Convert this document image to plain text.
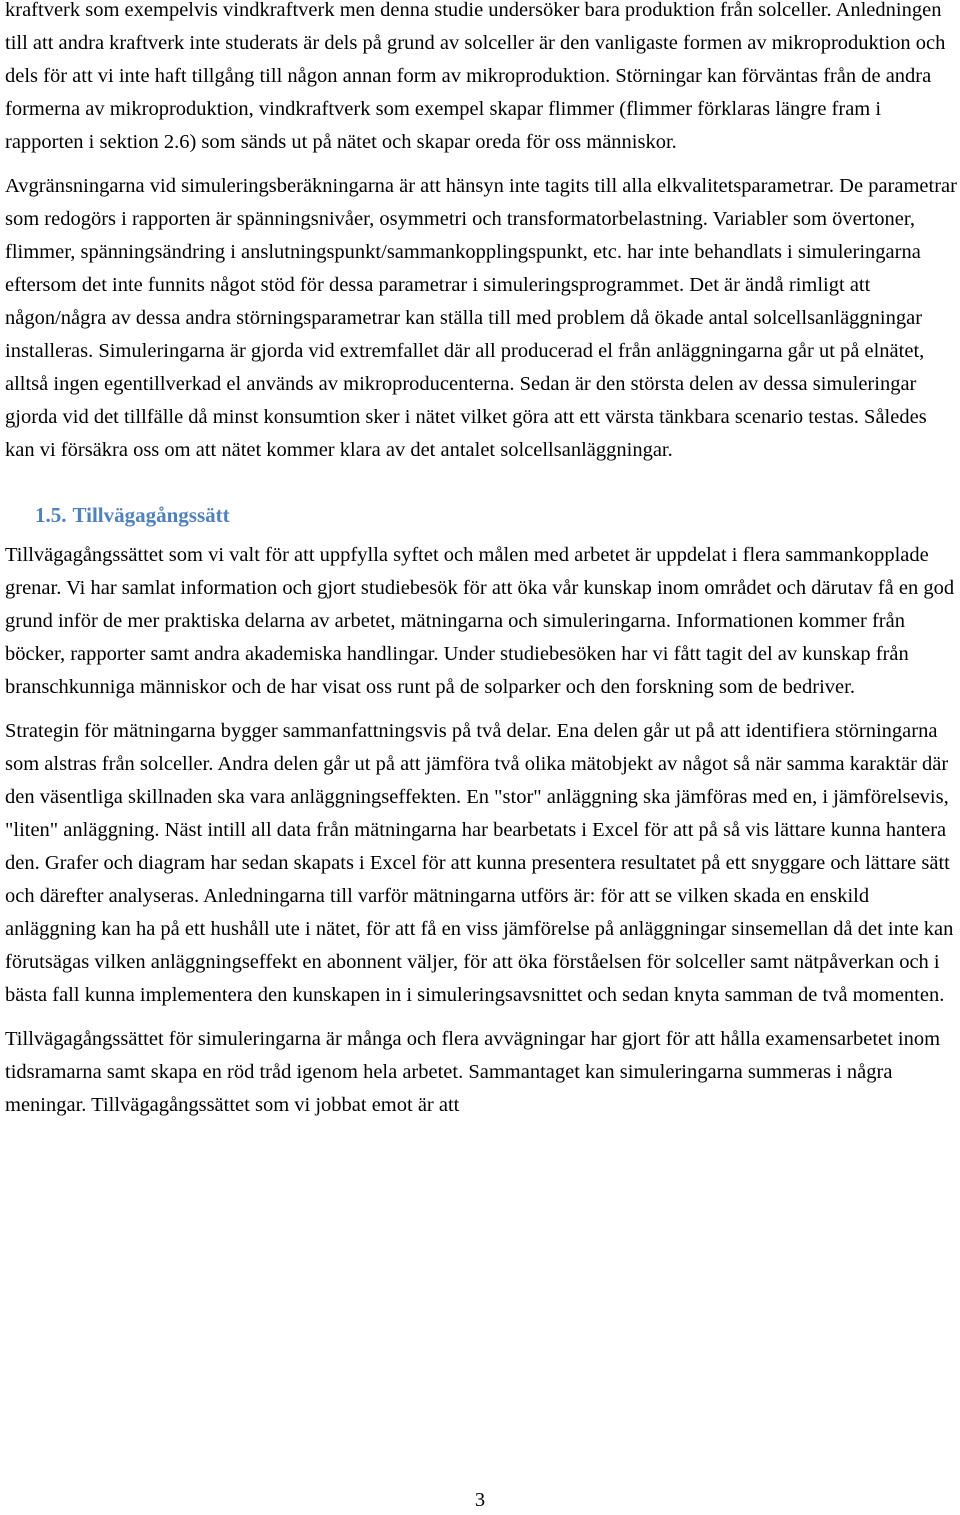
kraftverk som exempelvis vindkraftverk men denna studie undersöker bara produktion från solceller. Anledningen till att andra kraftverk inte studerats är dels på grund av solceller är den vanligaste formen av mikroproduktion och dels för att vi inte haft tillgång till någon annan form av mikroproduktion. Störningar kan förväntas från de andra formerna av mikroproduktion, vindkraftverk som exempel skapar flimmer (flimmer förklaras längre fram i rapporten i sektion 2.6) som sänds ut på nätet och skapar oreda för oss människor.

Avgränsningarna vid simuleringsberäkningarna är att hänsyn inte tagits till alla elkvalitetsparametrar. De parametrar som redogörs i rapporten är spänningsnivåer, osymmetri och transformatorbelastning. Variabler som övertoner, flimmer, spänningsändring i anslutningspunkt/sammankopplingspunkt, etc. har inte behandlats i simuleringarna eftersom det inte funnits något stöd för dessa parametrar i simuleringsprogrammet. Det är ändå rimligt att någon/några av dessa andra störningsparametrar kan ställa till med problem då ökade antal solcellsanläggningar installeras. Simuleringarna är gjorda vid extremfallet där all producerad el från anläggningarna går ut på elnätet, alltså ingen egentillverkad el används av mikroproducenterna. Sedan är den största delen av dessa simuleringar gjorda vid det tillfälle då minst konsumtion sker i nätet vilket göra att ett värsta tänkbara scenario testas. Således kan vi försäkra oss om att nätet kommer klara av det antalet solcellsanläggningar.

1.5. Tillvägagångssätt

Tillvägagångssättet som vi valt för att uppfylla syftet och målen med arbetet är uppdelat i flera sammankopplade grenar. Vi har samlat information och gjort studiebesök för att öka vår kunskap inom området och därutav få en god grund inför de mer praktiska delarna av arbetet, mätningarna och simuleringarna. Informationen kommer från böcker, rapporter samt andra akademiska handlingar. Under studiebesöken har vi fått tagit del av kunskap från branschkunniga människor och de har visat oss runt på de solparker och den forskning som de bedriver.

Strategin för mätningarna bygger sammanfattningsvis på två delar. Ena delen går ut på att identifiera störningarna som alstras från solceller. Andra delen går ut på att jämföra två olika mätobjekt av något så när samma karaktär där den väsentliga skillnaden ska vara anläggningseffekten. En "stor" anläggning ska jämföras med en, i jämförelsevis, "liten" anläggning. Näst intill all data från mätningarna har bearbetats i Excel för att på så vis lättare kunna hantera den. Grafer och diagram har sedan skapats i Excel för att kunna presentera resultatet på ett snyggare och lättare sätt och därefter analyseras. Anledningarna till varför mätningarna utförs är: för att se vilken skada en enskild anläggning kan ha på ett hushåll ute i nätet, för att få en viss jämförelse på anläggningar sinsemellan då det inte kan förutsägas vilken anläggningseffekt en abonnent väljer, för att öka förståelsen för solceller samt nätpåverkan och i bästa fall kunna implementera den kunskapen in i simuleringsavsnittet och sedan knyta samman de två momenten.

Tillvägagångssättet för simuleringarna är många och flera avvägningar har gjort för att hålla examensarbetet inom tidsramarna samt skapa en röd tråd igenom hela arbetet. Sammantaget kan simuleringarna summeras i några meningar. Tillvägagångssättet som vi jobbat emot är att

3
